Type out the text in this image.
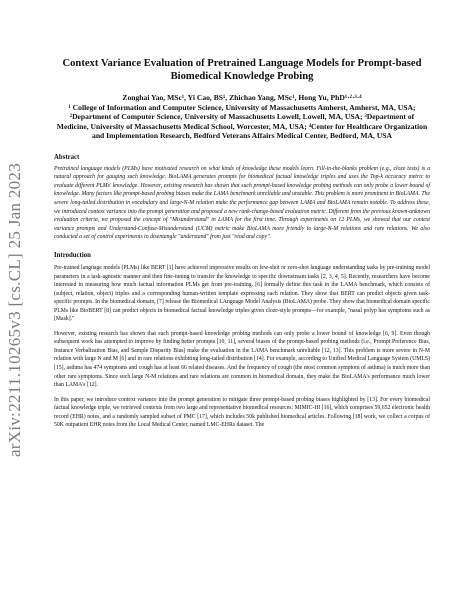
arXiv:2211.10265v3 [cs.CL] 25 Jan 2023
Context Variance Evaluation of Pretrained Language Models for Prompt-based Biomedical Knowledge Probing
Zonghai Yao, MSc¹, Yi Cao, BS¹, Zhichao Yang, MSc¹, Hong Yu, PhD¹·²·³·⁴
¹ College of Information and Computer Science, University of Massachusetts Amherst, Amherst, MA, USA; ²Department of Computer Science, University of Massachusetts Lowell, Lowell, MA, USA; ³Department of Medicine, University of Massachusetts Medical School, Worcester, MA, USA; ⁴Center for Healthcare Organization and Implementation Research, Bedford Veterans Affairs Medical Center, Bedford, MA, USA
Abstract

Pretrained language models (PLMs) have motivated research on what kinds of knowledge these models learn. Fill-in-the-blanks problem (e.g., cloze tests) is a natural approach for gauging such knowledge. BioLAMA generates prompts for biomedical factual knowledge triples and uses the Top-k accuracy metric to evaluate different PLMs' knowledge. However, existing research has shown that such prompt-based knowledge probing methods can only probe a lower bound of knowledge. Many factors like prompt-based probing biases make the LAMA benchmark unreliable and unstable. This problem is more prominent in BioLAMA. The severe long-tailed distribution in vocabulary and large-N-M relation make the performance gap between LAMA and BioLAMA remain notable. To address these, we introduced context variance into the prompt generation and proposed a new rank-change-based evaluation metric. Different from the previous known-unknown evaluation criteria, we proposed the concept of "Misunderstand" in LAMA for the first time. Through experiments on 12 PLMs, we showed that our context variance prompts and Understand-Confuse-Misunderstand (UCM) metric make BioLAMA more friendly to large-N-M relations and rare relations. We also conducted a set of control experiments to disentangle "understand" from just "read and copy".

Introduction

Pre-trained language models (PLMs) like BERT [1] have achieved impressive results on few-shot or zero-shot language understanding tasks by pre-training model parameters in a task-agnostic manner and then fine-tuning to transfer the knowledge to specific downstream tasks [2, 3, 4, 5]. Recently, researchers have become interested in measuring how much factual information PLMs get from pre-training. [6] formally define this task in the LAMA benchmark, which consists of (subject, relation, object) triples and a corresponding human-written template expressing each relation. They show that BERT can predict objects given task-specific prompts. In the biomedical domain, [7] release the Biomedical LAnguage Model Analysis (BioLAMA) probe. They show that biomedical domain specific PLMs like BioBERT [8] can predict objects in biomedical factual knowledge triples given cloze-style prompts—for example, "nasal polyp has symptoms such as [Mask]."

However, existing research has shown that such prompt-based knowledge probing methods can only probe a lower bound of knowledge [6, 9]. Even though subsequent work has attempted to improve by finding better prompts [10, 11], several biases of the prompt-based probing methods (i.e., Prompt Preference Bias, Instance Verbalization Bias, and Sample Disparity Bias) make the evaluation in the LAMA benchmark unreliable [12, 13]. This problem is more severe in N-M relation with large N and M [6] and in rare relations exhibiting long-tailed distribution [14]. For example, according to Unified Medical Language System (UMLS) [15], asthma has 474 symptoms and cough has at least 66 related diseases. And the frequency of cough (the most common symptom of asthma) is much more than other rare symptoms. Since such large N-M relations and rare relations are common in biomedical domain, they make the BioLAMA's performance much lower than LAMA's [12].

In this paper, we introduce context variance into the prompt generation to mitigate three prompt-based probing biases highlighted by [13]. For every biomedical factual knowledge triple, we retrieved contexts from two large and representative biomedical resources: MIMIC-III [16], which comprises 59,652 electronic health record (EHR) notes, and a randomly sampled subset of PMC [17], which includes 50k published biomedical articles. Following [18] work, we collect a corpus of 50K outpatient EHR notes from the Local Medical Center, named LMC-EHRs dataset. The
